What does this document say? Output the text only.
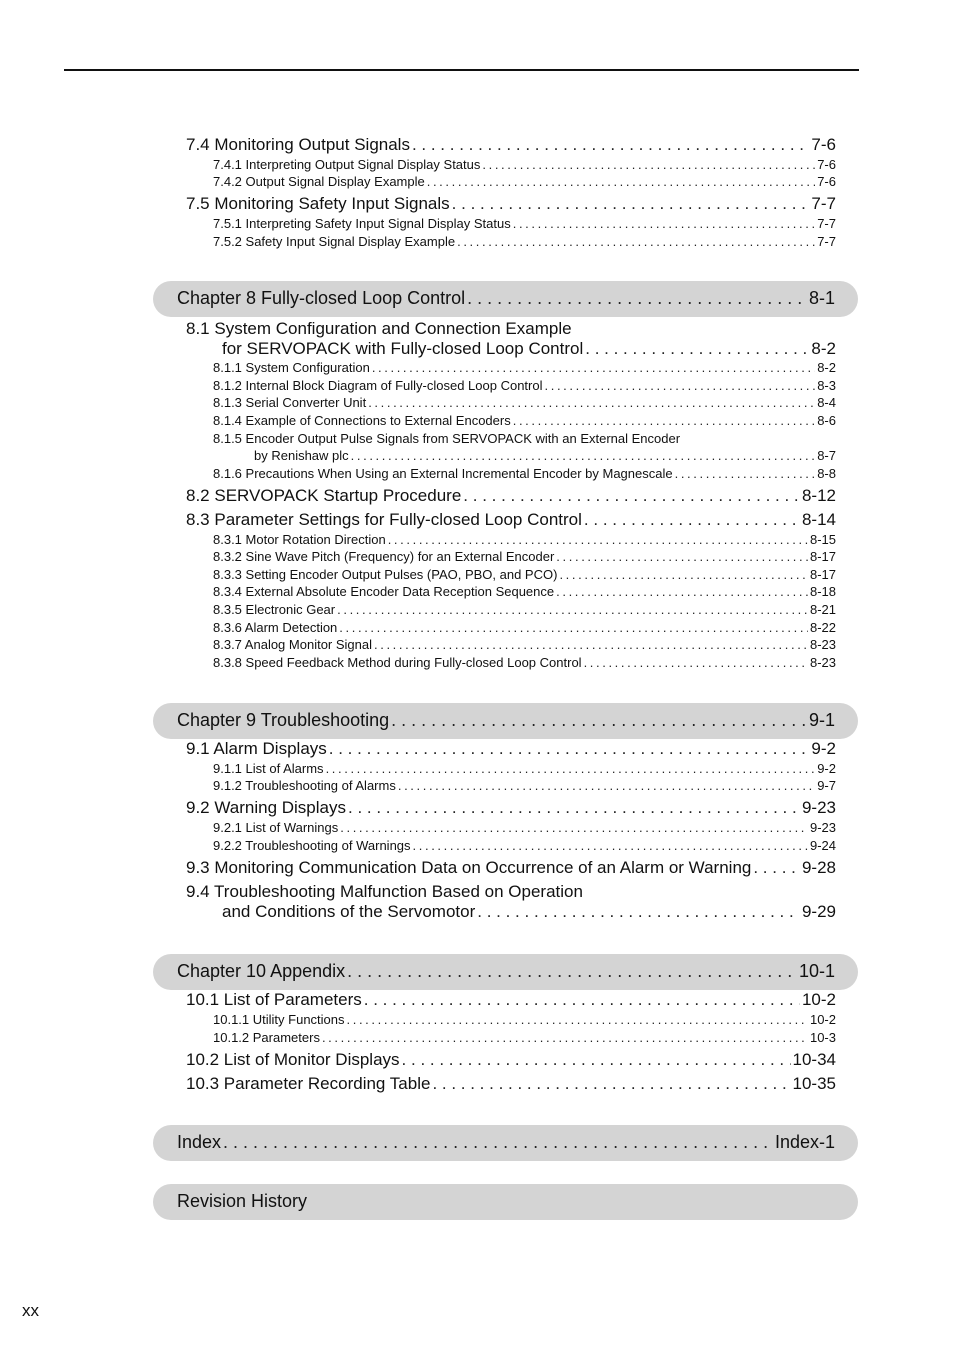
7.4 Monitoring Output Signals . . .	7-6
7.4.1 Interpreting Output Signal Display Status . . .	7-6
7.4.2 Output Signal Display Example . . .	7-6
7.5 Monitoring Safety Input Signals . . .	7-7
7.5.1 Interpreting Safety Input Signal Display Status . . .	7-7
7.5.2 Safety Input Signal Display Example . . .	7-7
Chapter 8 Fully-closed Loop Control . . .	8-1
8.1 System Configuration and Connection Example
for SERVOPACK with Fully-closed Loop Control . . .	8-2
8.1.1 System Configuration . . .	8-2
8.1.2 Internal Block Diagram of Fully-closed Loop Control . . .	8-3
8.1.3 Serial Converter Unit . . .	8-4
8.1.4 Example of Connections to External Encoders . . .	8-6
8.1.5 Encoder Output Pulse Signals from SERVOPACK with an External Encoder
by Renishaw plc . . .	8-7
8.1.6 Precautions When Using an External Incremental Encoder by Magnescale . . .	8-8
8.2 SERVOPACK Startup Procedure . . .	8-12
8.3 Parameter Settings for Fully-closed Loop Control . . .	8-14
8.3.1 Motor Rotation Direction . . .	8-15
8.3.2 Sine Wave Pitch (Frequency) for an External Encoder . . .	8-17
8.3.3 Setting Encoder Output Pulses (PAO, PBO, and PCO) . . .	8-17
8.3.4 External Absolute Encoder Data Reception Sequence . . .	8-18
8.3.5 Electronic Gear . . .	8-21
8.3.6 Alarm Detection . . .	8-22
8.3.7 Analog Monitor Signal . . .	8-23
8.3.8 Speed Feedback Method during Fully-closed Loop Control . . .	8-23
Chapter 9 Troubleshooting . . .	9-1
9.1 Alarm Displays . . .	9-2
9.1.1 List of Alarms . . .	9-2
9.1.2 Troubleshooting of Alarms . . .	9-7
9.2 Warning Displays . . .	9-23
9.2.1 List of Warnings . . .	9-23
9.2.2 Troubleshooting of Warnings . . .	9-24
9.3 Monitoring Communication Data on Occurrence of an Alarm or Warning . . .	9-28
9.4 Troubleshooting Malfunction Based on Operation
and Conditions of the Servomotor . . .	9-29
Chapter 10 Appendix . . .	10-1
10.1 List of Parameters . . .	10-2
10.1.1 Utility Functions . . .	10-2
10.1.2 Parameters . . .	10-3
10.2 List of Monitor Displays . . .	10-34
10.3 Parameter Recording Table . . .	10-35
Index . . .	Index-1
Revision History
xx
